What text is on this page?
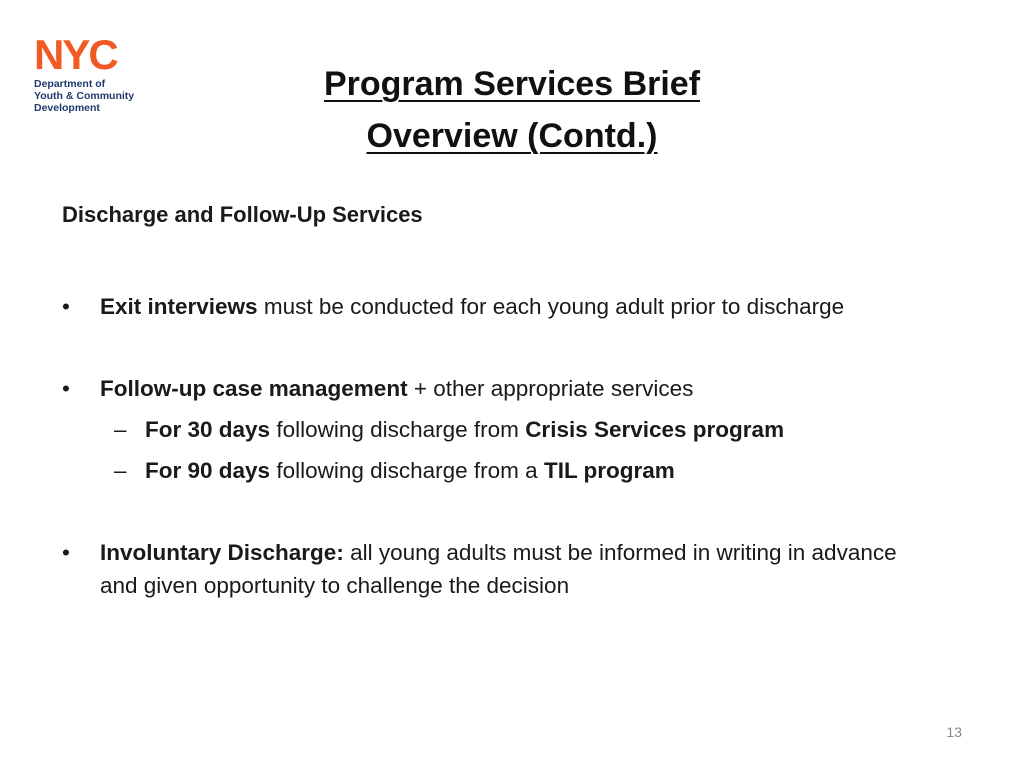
NYC
Department of
Youth & Community
Development
Program Services Brief
Overview (Contd.)
Discharge and Follow-Up Services
•	Exit interviews must be conducted for each young adult prior to discharge
•	Follow-up case management + other appropriate services
– For 30 days following discharge from Crisis Services program
– For 90 days following discharge from a TIL program
•	Involuntary Discharge: all young adults must be informed in writing in advance and given opportunity to challenge the decision
13
